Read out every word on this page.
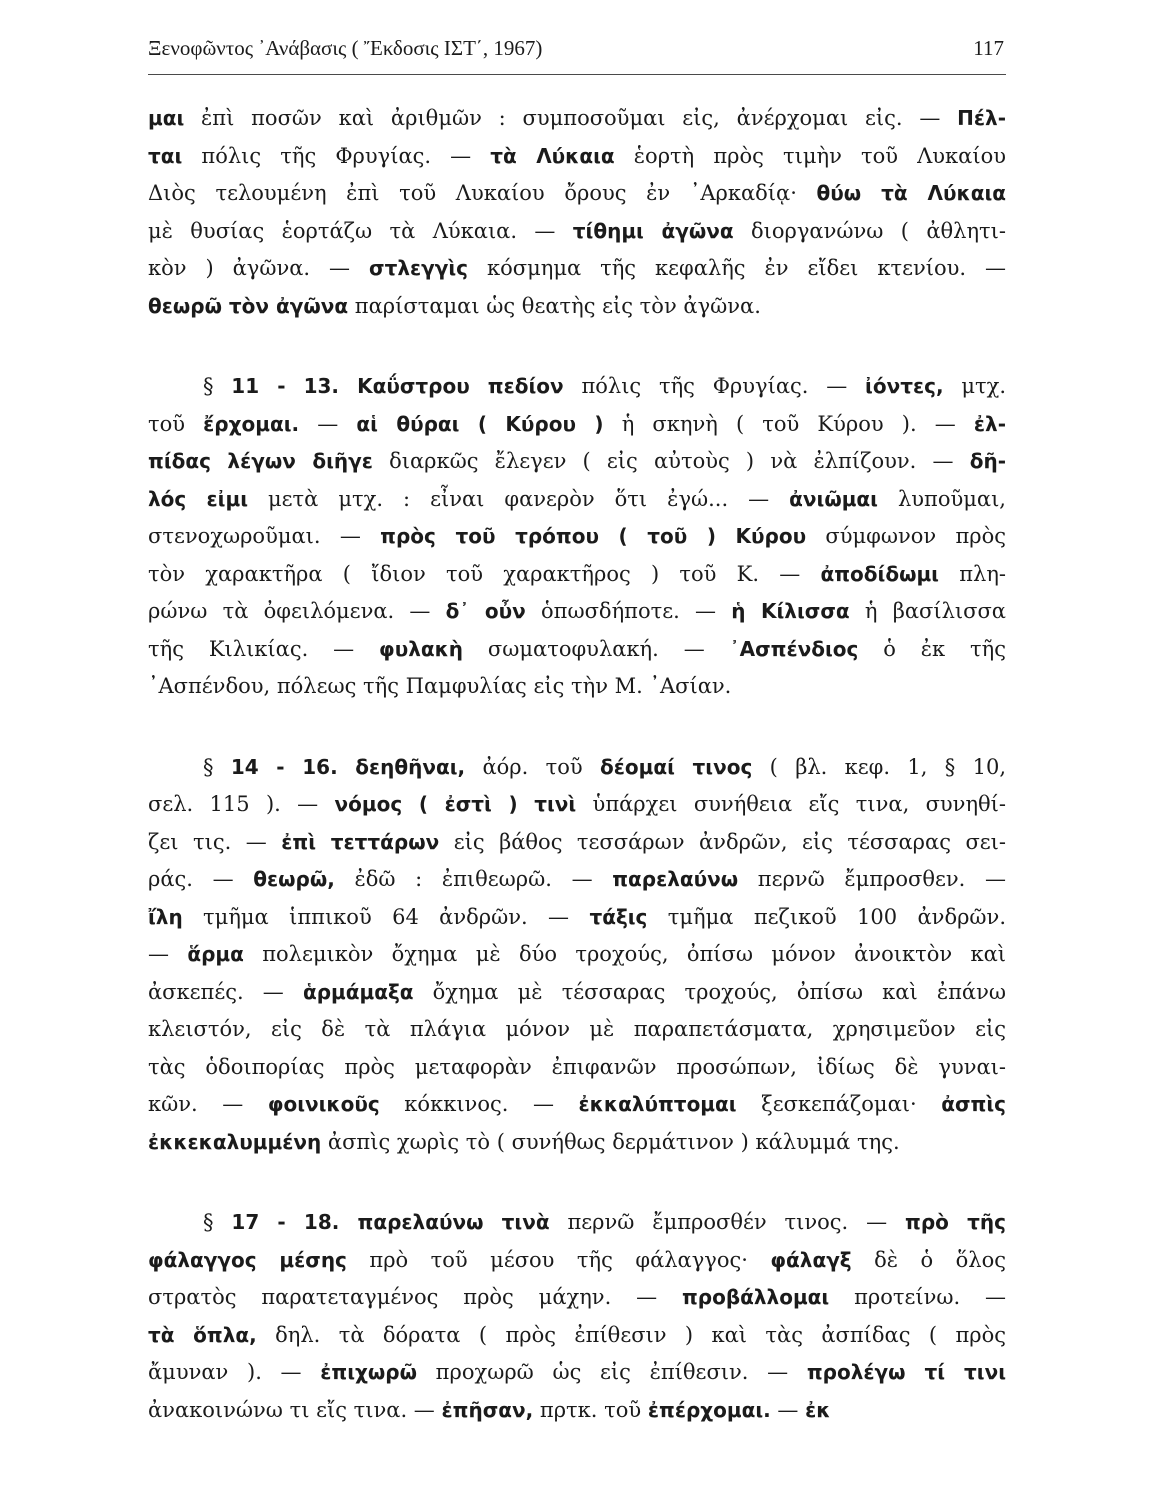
Ξενοφῶντος ᾿Ανάβασις ( Ἔκδοσις ΙΣΤ΄, 1967)	117
μαι ἐπὶ ποσῶν καὶ ἀριθμῶν : συμποσοῦμαι εἰς, ἀνέρχομαι εἰς. — Πέλ-
ται πόλις τῆς Φρυγίας. — τὰ Λύκαια ἑορτὴ πρὸς τιμὴν τοῦ Λυκαίου
Διὸς τελουμένη ἐπὶ τοῦ Λυκαίου ὄρους ἐν ᾿Αρκαδίᾳ· θύω τὰ Λύκαια
μὲ θυσίας ἑορτάζω τὰ Λύκαια. — τίθημι ἀγῶνα διοργανώνω ( ἀθλητι-
κὸν ) ἀγῶνα. — στλεγγὶς κόσμημα τῆς κεφαλῆς ἐν εἴδει κτενίου. —
θεωρῶ τὸν ἀγῶνα παρίσταμαι ὡς θεατὴς εἰς τὸν ἀγῶνα.
§ 11 - 13. Καΰστρου πεδίον πόλις τῆς Φρυγίας. — ἰόντες, μτχ.
τοῦ ἔρχομαι. — αἱ θύραι ( Κύρου ) ἡ σκηνὴ ( τοῦ Κύρου ). — ἐλ-
πίδας λέγων διῆγε διαρκῶς ἔλεγεν ( εἰς αὐτοὺς ) νὰ ἐλπίζουν. — δῆ-
λός εἰμι μετὰ μτχ. : εἶναι φανερὸν ὅτι ἐγώ... — ἀνιῶμαι λυποῦμαι,
στενοχωροῦμαι. — πρὸς τοῦ τρόπου ( τοῦ ) Κύρου σύμφωνον πρὸς
τὸν χαρακτῆρα ( ἴδιον τοῦ χαρακτῆρος ) τοῦ Κ. — ἀποδίδωμι πλη-
ρώνω τὰ ὀφειλόμενα. — δ᾿ οὖν ὁπωσδήποτε. — ἡ Κίλισσα ἡ βασίλισσα
τῆς Κιλικίας. — φυλακὴ σωματοφυλακή. — ᾿Ασπένδιος ὁ ἐκ τῆς
᾿Ασπένδου, πόλεως τῆς Παμφυλίας εἰς τὴν Μ. ᾿Ασίαν.
§ 14 - 16. δεηθῆναι, ἀόρ. τοῦ δέομαί τινος ( βλ. κεφ. 1, § 10,
σελ. 115 ). — νόμος ( ἐστὶ ) τινὶ ὑπάρχει συνήθεια εἴς τινα, συνηθί-
ζει τις. — ἐπὶ τεττάρων εἰς βάθος τεσσάρων ἀνδρῶν, εἰς τέσσαρας σει-
ράς. — θεωρῶ, ἐδῶ : ἐπιθεωρῶ. — παρελαύνω περνῶ ἔμπροσθεν. —
ἴλη τμῆμα ἱππικοῦ 64 ἀνδρῶν. — τάξις τμῆμα πεζικοῦ 100 ἀνδρῶν.
— ἅρμα πολεμικὸν ὄχημα μὲ δύο τροχούς, ὀπίσω μόνον ἀνοικτὸν καὶ
ἀσκεπές. — ἁρμάμαξα ὄχημα μὲ τέσσαρας τροχούς, ὀπίσω καὶ ἐπάνω
κλειστόν, εἰς δὲ τὰ πλάγια μόνον μὲ παραπετάσματα, χρησιμεῦον εἰς
τὰς ὁδοιπορίας πρὸς μεταφορὰν ἐπιφανῶν προσώπων, ἰδίως δὲ γυναι-
κῶν. — φοινικοῦς κόκκινος. — ἐκκαλύπτομαι ξεσκεπάζομαι· ἀσπὶς
ἐκκεκαλυμμένη ἀσπὶς χωρὶς τὸ ( συνήθως δερμάτινον ) κάλυμμά της.
§ 17 - 18. παρελαύνω τινὰ περνῶ ἔμπροσθέν τινος. — πρὸ τῆς
φάλαγγος μέσης πρὸ τοῦ μέσου τῆς φάλαγγος· φάλαγξ δὲ ὁ ὅλος
στρατὸς παρατεταγμένος πρὸς μάχην. — προβάλλομαι προτείνω. —
τὰ ὅπλα, δηλ. τὰ δόρατα ( πρὸς ἐπίθεσιν ) καὶ τὰς ἀσπίδας ( πρὸς
ἄμυναν ). — ἐπιχωρῶ προχωρῶ ὡς εἰς ἐπίθεσιν. — προλέγω τί τινι
ἀνακοινώνω τι εἴς τινα. — ἐπῆσαν, πρτκ. τοῦ ἐπέρχομαι. — ἐκ
